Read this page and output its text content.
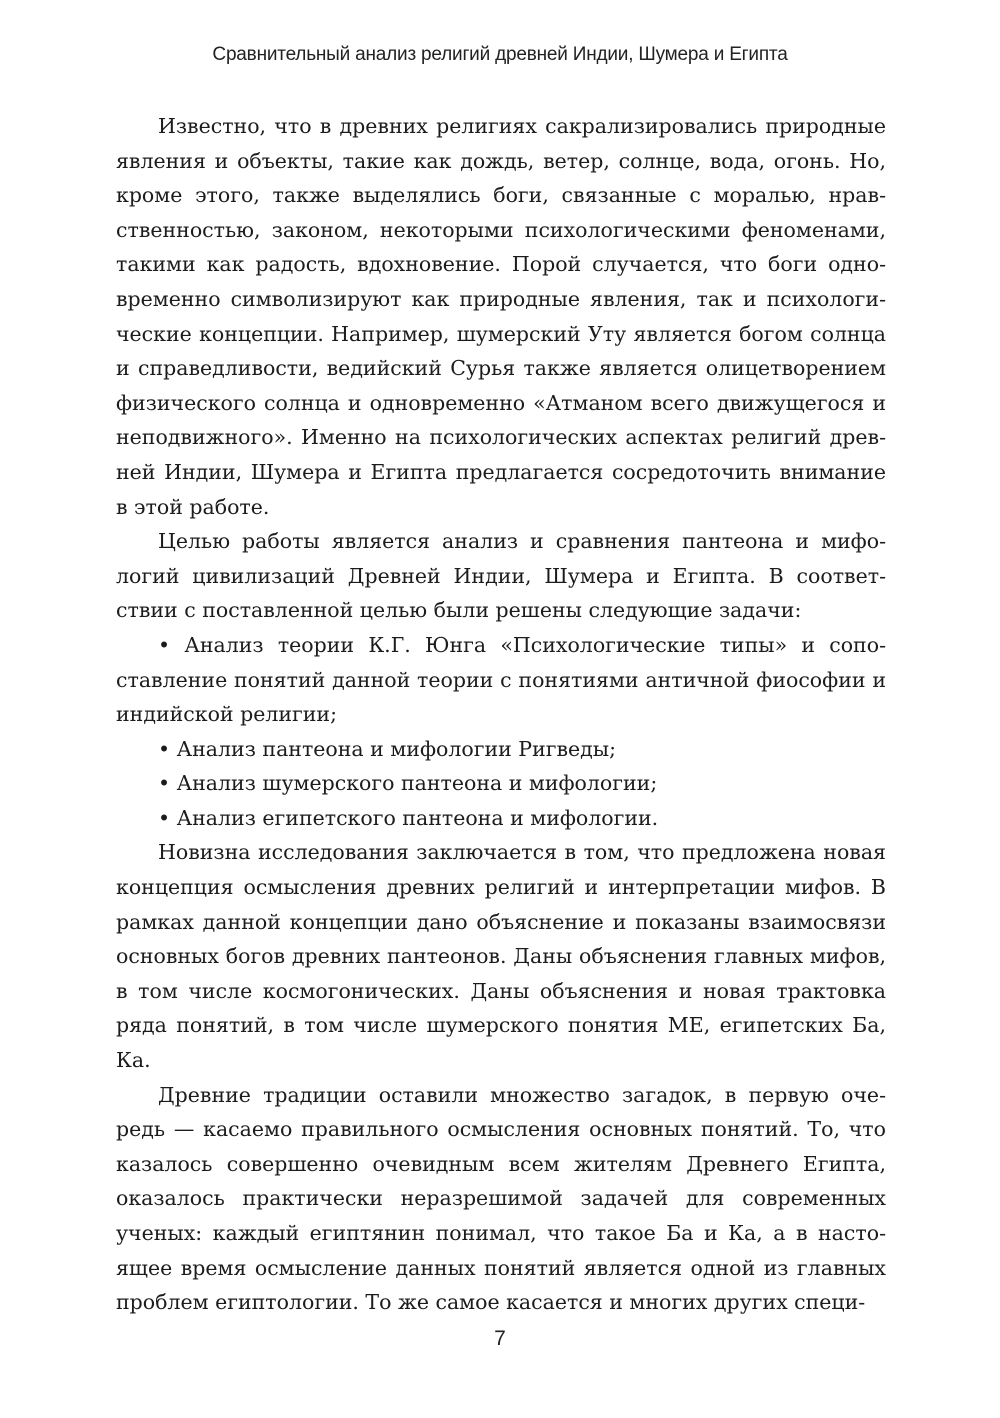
Сравнительный анализ религий древней Индии, Шумера и Египта

Известно, что в древних религиях сакрализировались природные явления и объекты, такие как дождь, ветер, солнце, вода, огонь. Но, кроме этого, также выделялись боги, связанные с моралью, нравственностью, законом, некоторыми психологическими феноменами, такими как радость, вдохновение. Порой случается, что боги одновременно символизируют как природные явления, так и психологические концепции. Например, шумерский Уту является богом солнца и справедливости, ведийский Сурья также является олицетворением физического солнца и одновременно «Атманом всего движущегося и неподвижного». Именно на психологических аспектах религий древней Индии, Шумера и Египта предлагается сосредоточить внимание в этой работе.

Целью работы является анализ и сравнения пантеона и мифологий цивилизаций Древней Индии, Шумера и Египта. В соответствии с поставленной целью были решены следующие задачи:

• Анализ теории К.Г. Юнга «Психологические типы» и сопоставление понятий данной теории с понятиями античной фиософии и индийской религии;
• Анализ пантеона и мифологии Ригведы;
• Анализ шумерского пантеона и мифологии;
• Анализ египетского пантеона и мифологии.

Новизна исследования заключается в том, что предложена новая концепция осмысления древних религий и интерпретации мифов. В рамках данной концепции дано объяснение и показаны взаимосвязи основных богов древних пантеонов. Даны объяснения главных мифов, в том числе космогонических. Даны объяснения и новая трактовка ряда понятий, в том числе шумерского понятия МЕ, египетских Ба, Ка.

Древние традиции оставили множество загадок, в первую очередь — касаемо правильного осмысления основных понятий. То, что казалось совершенно очевидным всем жителям Древнего Египта, оказалось практически неразрешимой задачей для современных ученых: каждый египтянин понимал, что такое Ба и Ка, а в настоящее время осмысление данных понятий является одной из главных проблем египтологии. То же самое касается и многих других специ-

7
